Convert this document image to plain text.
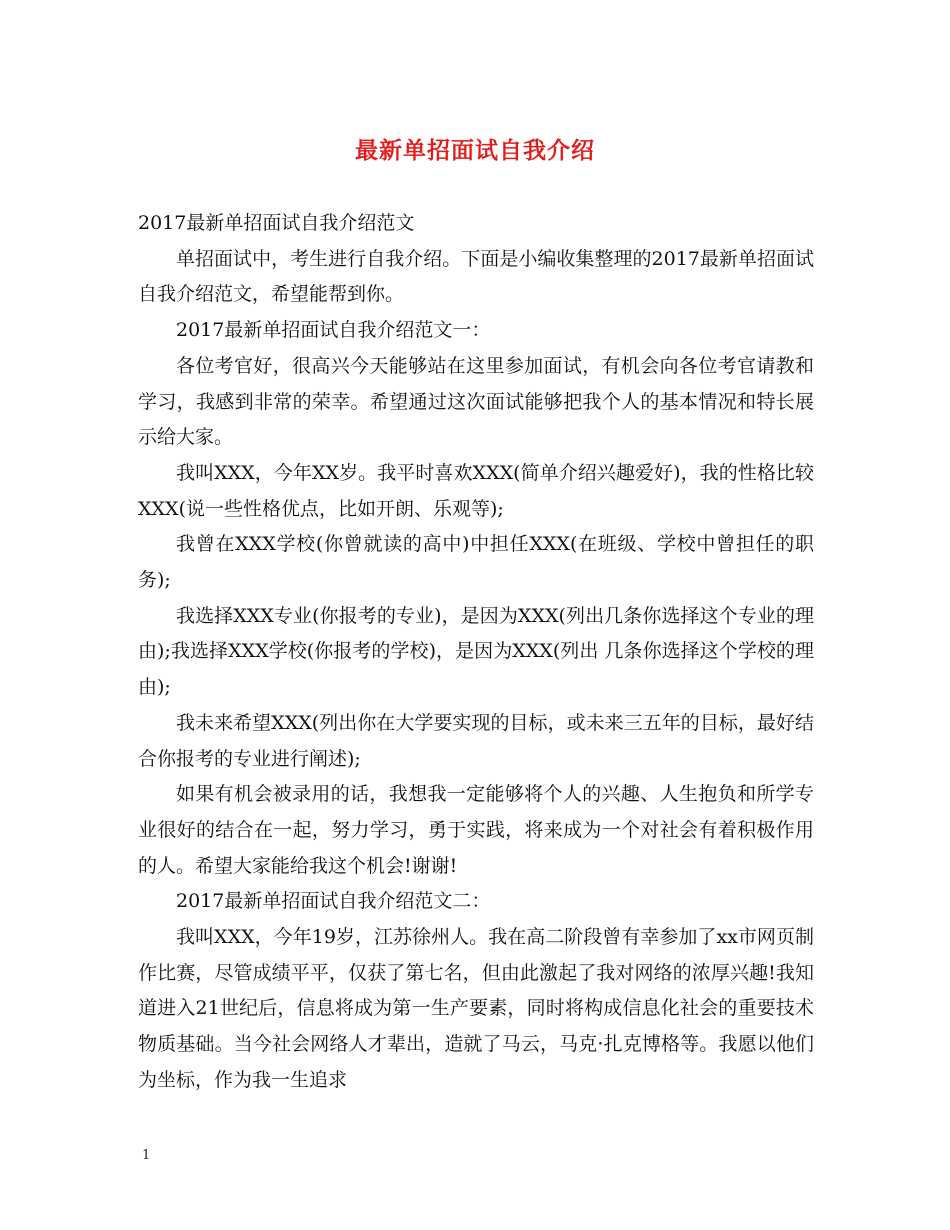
最新单招面试自我介绍

2017最新单招面试自我介绍范文

单招面试中，考生进行自我介绍。下面是小编收集整理的2017最新单招面试自我介绍范文，希望能帮到你。

2017最新单招面试自我介绍范文一：

各位考官好，很高兴今天能够站在这里参加面试，有机会向各位考官请教和学习，我感到非常的荣幸。希望通过这次面试能够把我个人的基本情况和特长展示给大家。

我叫XXX，今年XX岁。我平时喜欢XXX(简单介绍兴趣爱好)，我的性格比较XXX(说一些性格优点，比如开朗、乐观等);

我曾在XXX学校(你曾就读的高中)中担任XXX(在班级、学校中曾担任的职务);

我选择XXX专业(你报考的专业)，是因为XXX(列出几条你选择这个专业的理由);我选择XXX学校(你报考的学校)，是因为XXX(列出 几条你选择这个学校的理由);

我未来希望XXX(列出你在大学要实现的目标，或未来三五年的目标，最好结合你报考的专业进行阐述);

如果有机会被录用的话，我想我一定能够将个人的兴趣、人生抱负和所学专业很好的结合在一起，努力学习，勇于实践，将来成为一个对社会有着积极作用的人。希望大家能给我这个机会!谢谢!

2017最新单招面试自我介绍范文二：

我叫XXX，今年19岁，江苏徐州人。我在高二阶段曾有幸参加了xx市网页制作比赛，尽管成绩平平，仅获了第七名，但由此激起了我对网络的浓厚兴趣!我知道进入21世纪后，信息将成为第一生产要素，同时将构成信息化社会的重要技术物质基础。当今社会网络人才辈出，造就了马云，马克·扎克博格等。我愿以他们为坐标，作为我一生追求

1
